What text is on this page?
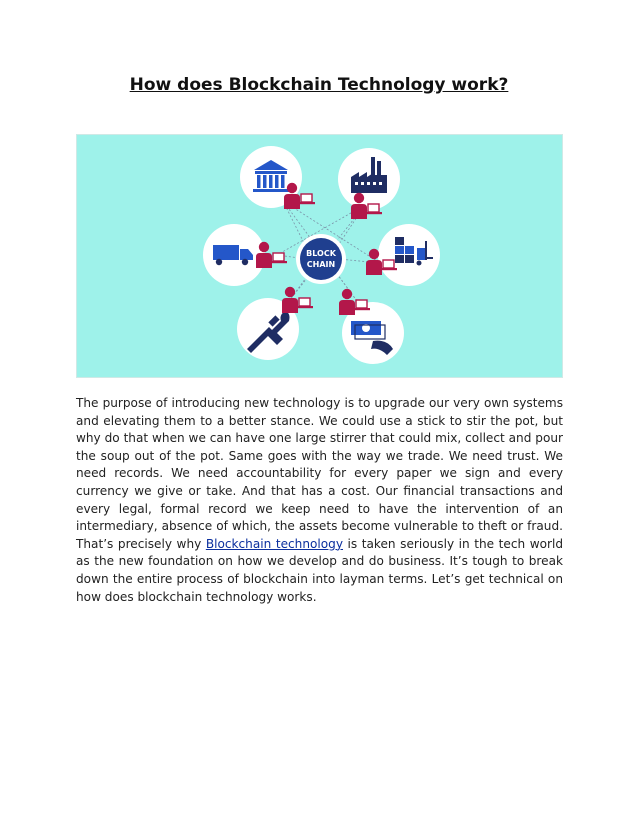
How does Blockchain Technology work?
BLOCK
CHAIN
The purpose of introducing new technology is to upgrade our very own systems and elevating them to a better stance. We could use a stick to stir the pot, but why do that when we can have one large stirrer that could mix, collect and pour the soup out of the pot. Same goes with the way we trade. We need trust. We need records. We need accountability for every paper we sign and every currency we give or take. And that has a cost. Our financial transactions and every legal, formal record we keep need to have the intervention of an intermediary, absence of which, the assets become vulnerable to theft or fraud. That’s precisely why Blockchain technology is taken seriously in the tech world as the new foundation on how we develop and do business. It’s tough to break down the entire process of blockchain into layman terms. Let’s get technical on how does blockchain technology works.
